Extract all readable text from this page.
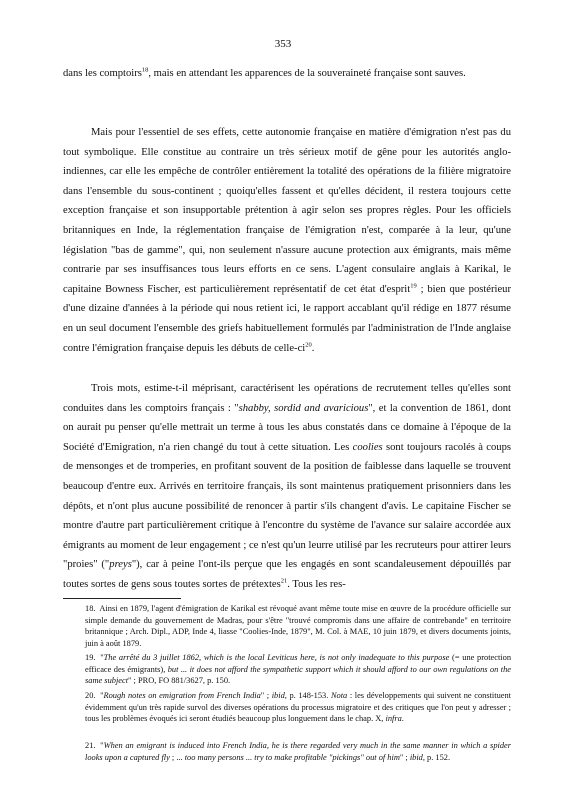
353

dans les comptoirs$^{18}$, mais en attendant les apparences de la souveraineté française sont sauves.

Mais pour l'essentiel de ses effets, cette autonomie française en matière d'émigration n'est pas du tout symbolique. Elle constitue au contraire un très sérieux motif de gêne pour les autorités anglo-indiennes, car elle les empêche de contrôler entièrement la totalité des opérations de la filière migratoire dans l'ensemble du sous-continent ; quoiqu'elles fassent et qu'elles décident, il restera toujours cette exception française et son insupportable prétention à agir selon ses propres règles. Pour les officiels britanniques en Inde, la réglementation française de l'émigration n'est, comparée à la leur, qu'une législation "bas de gamme", qui, non seulement n'assure aucune protection aux émigrants, mais même contrarie par ses insuffisances tous leurs efforts en ce sens. L'agent consulaire anglais à Karikal, le capitaine Bowness Fischer, est particulièrement représentatif de cet état d'esprit$^{19}$ ; bien que postérieur d'une dizaine d'années à la période qui nous retient ici, le rapport accablant qu'il rédige en 1877 résume en un seul document l'ensemble des griefs habituellement formulés par l'administration de l'Inde anglaise contre l'émigration française depuis les débuts de celle-$ci^{20}$.

Trois mots, estime-t-il méprisant, caractérisent les opérations de recrutement telles qu'elles sont conduites dans les comptoirs français : "shabby, sordid and avaricious", et la convention de 1861, dont on aurait pu penser qu'elle mettrait un terme à tous les abus constatés dans ce domaine à l'époque de la Société d'Emigration, n'a rien changé du tout à cette situation. Les coolies sont toujours racolés à coups de mensonges et de tromperies, en profitant souvent de la position de faiblesse dans laquelle se trouvent beaucoup d'entre eux. Arrivés en territoire français, ils sont maintenus pratiquement prisonniers dans les dépôts, et n'ont plus aucune possibilité de renoncer à partir s'ils changent d'avis. Le capitaine Fischer se montre d'autre part particulièrement critique à l'encontre du système de l'avance sur salaire accordée aux émigrants au moment de leur engagement ; ce n'est qu'un leurre utilisé par les recruteurs pour attirer leurs "proies" ("preys"), car à peine l'ont-ils perçue que les engagés en sont scandaleusement dépouillés par toutes sortes de gens sous toutes sortes de prétextes$^{21}$. Tous les res-

18. Ainsi en 1879, l'agent d'émigration de Karikal est révoqué avant même toute mise en œuvre de la procédure officielle sur simple demande du gouvernement de Madras, pour s'être "trouvé compromis dans une affaire de contrebande" en territoire britannique ; Arch. Dipl., ADP, Inde 4, liasse "Coolies-Inde, 1879", M. Col. à MAE, 10 juin 1879, et divers documents joints, juin à août 1879.

19. "The arrêté du 3 juillet 1862, which is the local Leviticus here, is not only inadequate to this purpose (= une protection efficace des émigrants), but ... it does not afford the sympathetic support which it should afford to our own regulations on the same subject" ; PRO, FO 881/3627, p. 150.

20. "Rough notes on emigration from French India" ; ibid, p. 148-153. Nota : les développements qui suivent ne constituent évidemment qu'un très rapide survol des diverses opérations du processus migratoire et des critiques que l'on peut y adresser ; tous les problèmes évoqués ici seront étudiés beaucoup plus longuement dans le chap. X, infra.

21. "When an emigrant is induced into French India, he is there regarded very much in the same manner in which a spider looks upon a captured fly ; ... too many persons ... try to make profitable "pickings" out of him" ; ibid, p. 152.
